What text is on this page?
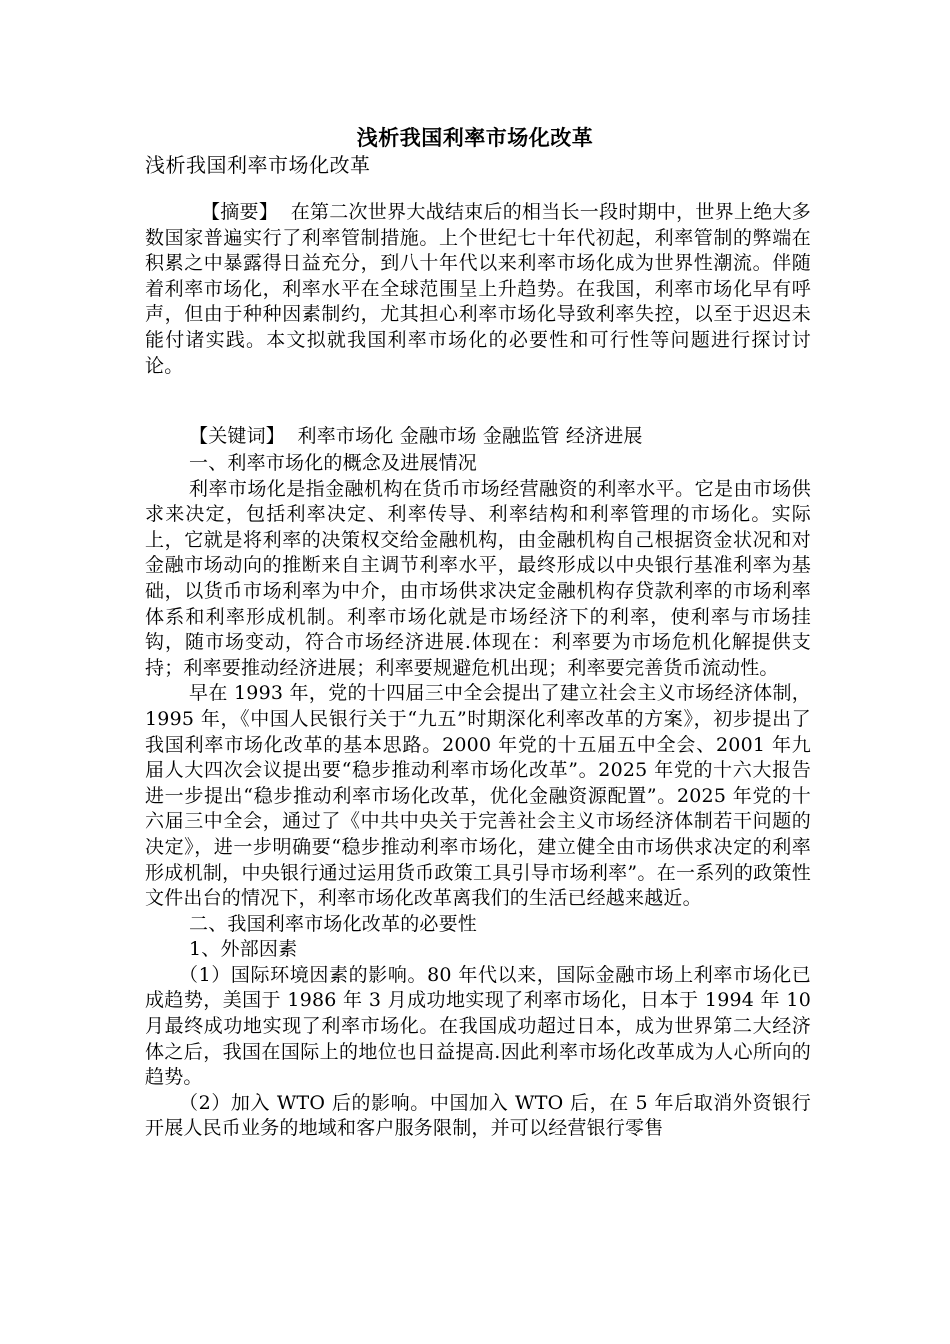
浅析我国利率市场化改革
浅析我国利率市场化改革

【摘要】 在第二次世界大战结束后的相当长一段时期中，世界上绝大多数国家普遍实行了利率管制措施。上个世纪七十年代初起，利率管制的弊端在积累之中暴露得日益充分，到八十年代以来利率市场化成为世界性潮流。伴随着利率市场化，利率水平在全球范围呈上升趋势。在我国，利率市场化早有呼声，但由于种种因素制约，尤其担心利率市场化导致利率失控，以至于迟迟未能付诸实践。本文拟就我国利率市场化的必要性和可行性等问题进行探讨讨论。

【关键词】 利率市场化 金融市场 金融监管 经济进展

一、利率市场化的概念及进展情况

利率市场化是指金融机构在货币市场经营融资的利率水平。它是由市场供求来决定，包括利率决定、利率传导、利率结构和利率管理的市场化。实际上，它就是将利率的决策权交给金融机构，由金融机构自己根据资金状况和对金融市场动向的推断来自主调节利率水平，最终形成以中央银行基准利率为基础，以货币市场利率为中介，由市场供求决定金融机构存贷款利率的市场利率体系和利率形成机制。利率市场化就是市场经济下的利率，使利率与市场挂钩，随市场变动，符合市场经济进展.体现在：利率要为市场危机化解提供支持；利率要推动经济进展；利率要规避危机出现；利率要完善货币流动性。

早在 1993 年，党的十四届三中全会提出了建立社会主义市场经济体制，1995 年，《中国人民银行关于“九五”时期深化利率改革的方案》，初步提出了我国利率市场化改革的基本思路。2000 年党的十五届五中全会、2001 年九届人大四次会议提出要“稳步推动利率市场化改革”。2025 年党的十六大报告进一步提出“稳步推动利率市场化改革，优化金融资源配置”。2025 年党的十六届三中全会，通过了《中共中央关于完善社会主义市场经济体制若干问题的决定》，进一步明确要“稳步推动利率市场化，建立健全由市场供求决定的利率形成机制，中央银行通过运用货币政策工具引导市场利率”。在一系列的政策性文件出台的情况下，利率市场化改革离我们的生活已经越来越近。

二、我国利率市场化改革的必要性

1、外部因素

（1）国际环境因素的影响。80 年代以来，国际金融市场上利率市场化已成趋势，美国于 1986 年 3 月成功地实现了利率市场化，日本于 1994 年 10 月最终成功地实现了利率市场化。在我国成功超过日本，成为世界第二大经济体之后，我国在国际上的地位也日益提高.因此利率市场化改革成为人心所向的趋势。

（2）加入 WTO 后的影响。中国加入 WTO 后，在 5 年后取消外资银行开展人民币业务的地域和客户服务限制，并可以经营银行零售
